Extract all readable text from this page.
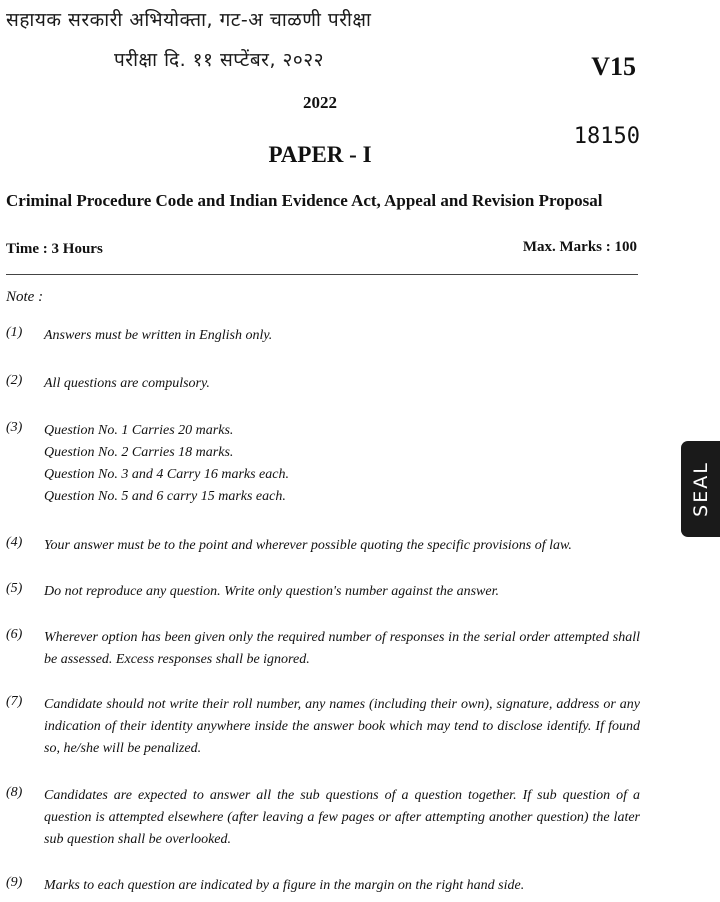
सहायक सरकारी अभियोक्ता, गट-अ चाळणी परीक्षा
परीक्षा दि. ११ सप्टेंबर, २०२२	V15
2022
18150
PAPER - I
Criminal Procedure Code and Indian Evidence Act, Appeal and Revision Proposal
Time : 3 Hours	Max. Marks : 100
Note :
(1) Answers must be written in English only.
(2) All questions are compulsory.
(3) Question No. 1 Carries 20 marks.
Question No. 2 Carries 18 marks.
Question No. 3 and 4 Carry 16 marks each.
Question No. 5 and 6 carry 15 marks each.
(4) Your answer must be to the point and wherever possible quoting the specific provisions of law.
(5) Do not reproduce any question. Write only question's number against the answer.
(6) Wherever option has been given only the required number of responses in the serial order attempted shall be assessed. Excess responses shall be ignored.
(7) Candidate should not write their roll number, any names (including their own), signature, address or any indication of their identity anywhere inside the answer book which may tend to disclose identify. If found so, he/she will be penalized.
(8) Candidates are expected to answer all the sub questions of a question together. If sub question of a question is attempted elsewhere (after leaving a few pages or after attempting another question) the later sub question shall be overlooked.
(9) Marks to each question are indicated by a figure in the margin on the right hand side.
SEAL
